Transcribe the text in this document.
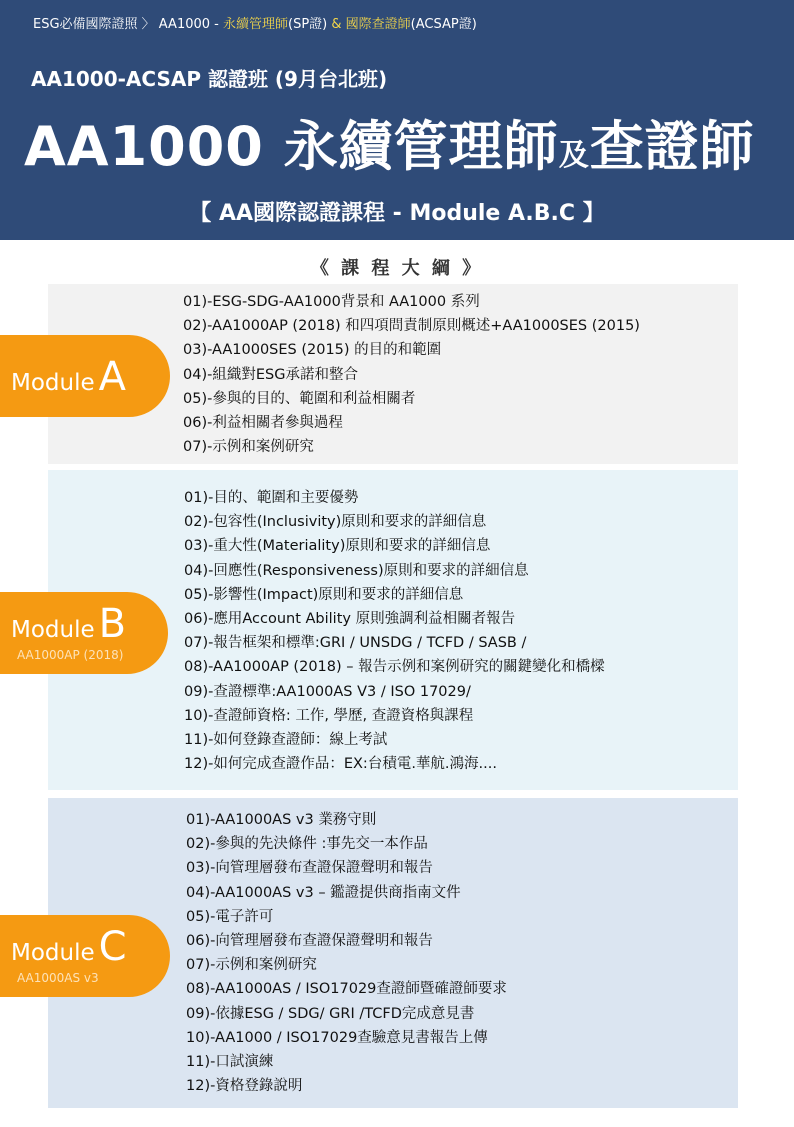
ESG必備國際證照 〉 AA1000 - 永續管理師(SP證) & 國際查證師(ACSAP證)
AA1000-ACSAP 認證班 (9月台北班)
AA1000 永續管理師及查證師
【 AA國際認證課程 - Module A.B.C 】
《 課 程 大 綱 》
01)-ESG-SDG-AA1000背景和 AA1000 系列
02)-AA1000AP (2018) 和四項問責制原則概述+AA1000SES (2015)
03)-AA1000SES (2015) 的目的和範圍
04)-組織對ESG承諾和整合
05)-參與的目的、範圍和利益相關者
06)-利益相關者參與過程
07)-示例和案例研究
Module A
01)-目的、範圍和主要優勢
02)-包容性(Inclusivity)原則和要求的詳細信息
03)-重大性(Materiality)原則和要求的詳細信息
04)-回應性(Responsiveness)原則和要求的詳細信息
05)-影響性(Impact)原則和要求的詳細信息
06)-應用Account Ability 原則強調利益相關者報告
07)-報告框架和標準:GRI / UNSDG / TCFD / SASB /
08)-AA1000AP (2018) – 報告示例和案例研究的關鍵變化和橋樑
09)-查證標準:AA1000AS V3 / ISO 17029/
10)-查證師資格: 工作, 學歷, 查證資格與課程
11)-如何登錄查證師：線上考試
12)-如何完成查證作品：EX:台積電.華航.鴻海....
Module B
AA1000AP (2018)
01)-AA1000AS v3 業務守則
02)-參與的先決條件 :事先交一本作品
03)-向管理層發布查證保證聲明和報告
04)-AA1000AS v3 – 鑑證提供商指南文件
05)-電子許可
06)-向管理層發布查證保證聲明和報告
07)-示例和案例研究
08)-AA1000AS / ISO17029查證師暨確證師要求
09)-依據ESG / SDG/ GRI /TCFD完成意見書
10)-AA1000 / ISO17029查驗意見書報告上傳
11)-口試演練
12)-資格登錄說明
Module C
AA1000AS v3
